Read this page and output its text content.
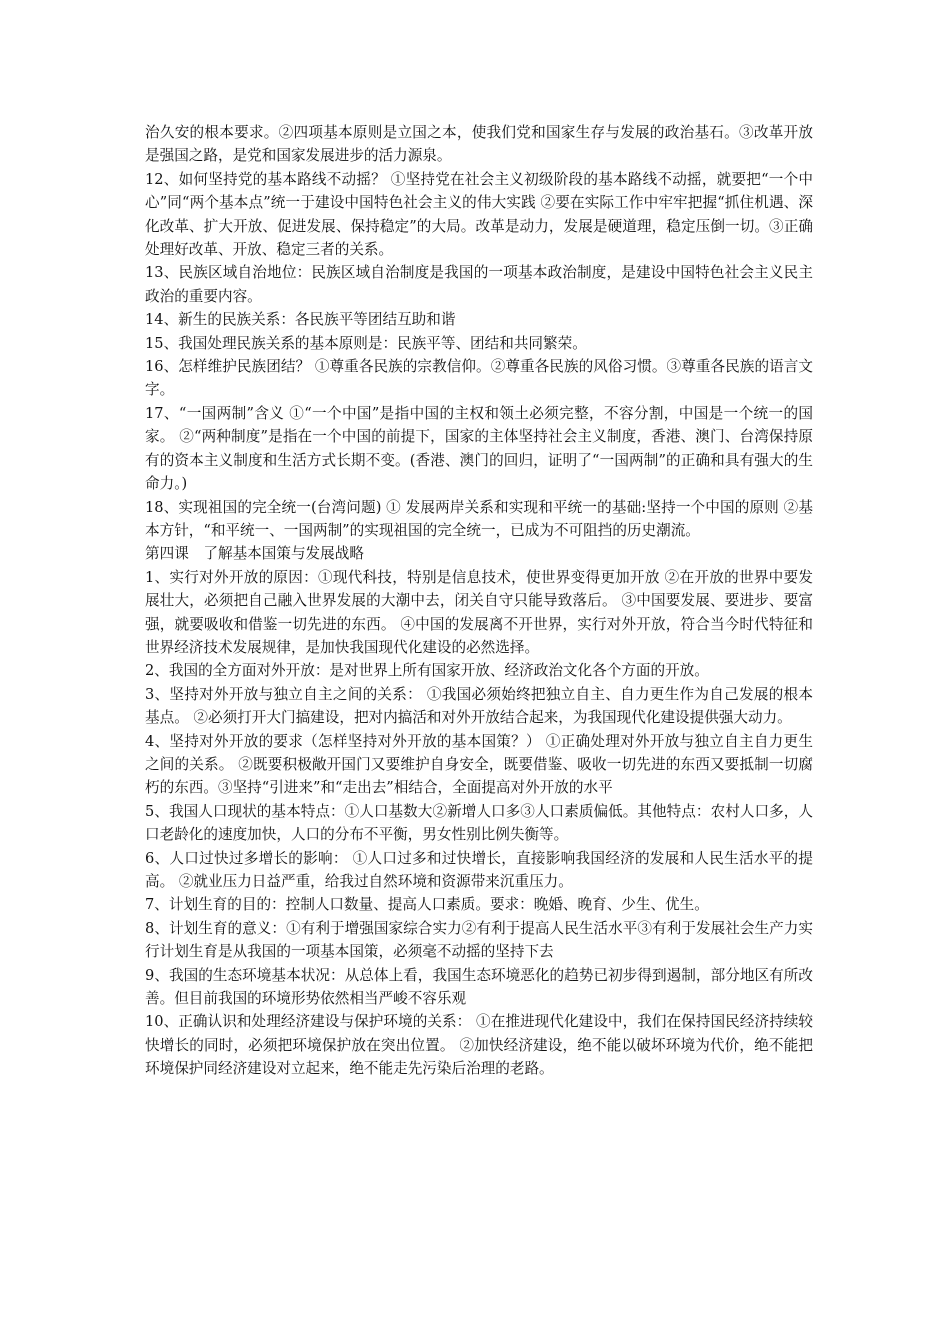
治久安的根本要求。②四项基本原则是立国之本，使我们党和国家生存与发展的政治基石。③改革开放是强国之路，是党和国家发展进步的活力源泉。

12、如何坚持党的基本路线不动摇？ ①坚持党在社会主义初级阶段的基本路线不动摇，就要把“一个中心”同“两个基本点”统一于建设中国特色社会主义的伟大实践 ②要在实际工作中牢牢把握“抓住机遇、深化改革、扩大开放、促进发展、保持稳定”的大局。改革是动力，发展是硬道理，稳定压倒一切。③正确处理好改革、开放、稳定三者的关系。

13、民族区域自治地位：民族区域自治制度是我国的一项基本政治制度，是建设中国特色社会主义民主政治的重要内容。

14、新生的民族关系：各民族平等团结互助和谐

15、我国处理民族关系的基本原则是：民族平等、团结和共同繁荣。

16、怎样维护民族团结？ ①尊重各民族的宗教信仰。②尊重各民族的风俗习惯。③尊重各民族的语言文字。

17、“一国两制”含义 ①“一个中国”是指中国的主权和领土必须完整，不容分割，中国是一个统一的国家。 ②“两种制度”是指在一个中国的前提下，国家的主体坚持社会主义制度，香港、澳门、台湾保持原有的资本主义制度和生活方式长期不变。(香港、澳门的回归，证明了“一国两制”的正确和具有强大的生命力。)

18、实现祖国的完全统一(台湾问题) ① 发展两岸关系和实现和平统一的基础:坚持一个中国的原则 ②基本方针，“和平统一、一国两制”的实现祖国的完全统一，已成为不可阻挡的历史潮流。

第四课　了解基本国策与发展战略

1、实行对外开放的原因：①现代科技，特别是信息技术，使世界变得更加开放 ②在开放的世界中要发展壮大，必须把自己融入世界发展的大潮中去，闭关自守只能导致落后。 ③中国要发展、要进步、要富强，就要吸收和借鉴一切先进的东西。 ④中国的发展离不开世界，实行对外开放，符合当今时代特征和世界经济技术发展规律，是加快我国现代化建设的必然选择。

2、我国的全方面对外开放：是对世界上所有国家开放、经济政治文化各个方面的开放。

3、坚持对外开放与独立自主之间的关系： ①我国必须始终把独立自主、自力更生作为自己发展的根本基点。 ②必须打开大门搞建设，把对内搞活和对外开放结合起来，为我国现代化建设提供强大动力。

4、坚持对外开放的要求（怎样坚持对外开放的基本国策？） ①正确处理对外开放与独立自主自力更生之间的关系。 ②既要积极敞开国门又要维护自身安全，既要借鉴、吸收一切先进的东西又要抵制一切腐朽的东西。③坚持“引进来”和“走出去”相结合，全面提高对外开放的水平

5、我国人口现状的基本特点：①人口基数大②新增人口多③人口素质偏低。其他特点：农村人口多，人口老龄化的速度加快，人口的分布不平衡，男女性别比例失衡等。

6、人口过快过多增长的影响： ①人口过多和过快增长，直接影响我国经济的发展和人民生活水平的提高。 ②就业压力日益严重，给我过自然环境和资源带来沉重压力。

7、计划生育的目的：控制人口数量、提高人口素质。要求：晚婚、晚育、少生、优生。

8、计划生育的意义：①有利于增强国家综合实力②有利于提高人民生活水平③有利于发展社会生产力实行计划生育是从我国的一项基本国策，必须毫不动摇的坚持下去

9、我国的生态环境基本状况：从总体上看，我国生态环境恶化的趋势已初步得到遏制，部分地区有所改善。但目前我国的环境形势依然相当严峻不容乐观

10、正确认识和处理经济建设与保护环境的关系： ①在推进现代化建设中，我们在保持国民经济持续较快增长的同时，必须把环境保护放在突出位置。 ②加快经济建设，绝不能以破坏环境为代价，绝不能把环境保护同经济建设对立起来，绝不能走先污染后治理的老路。
